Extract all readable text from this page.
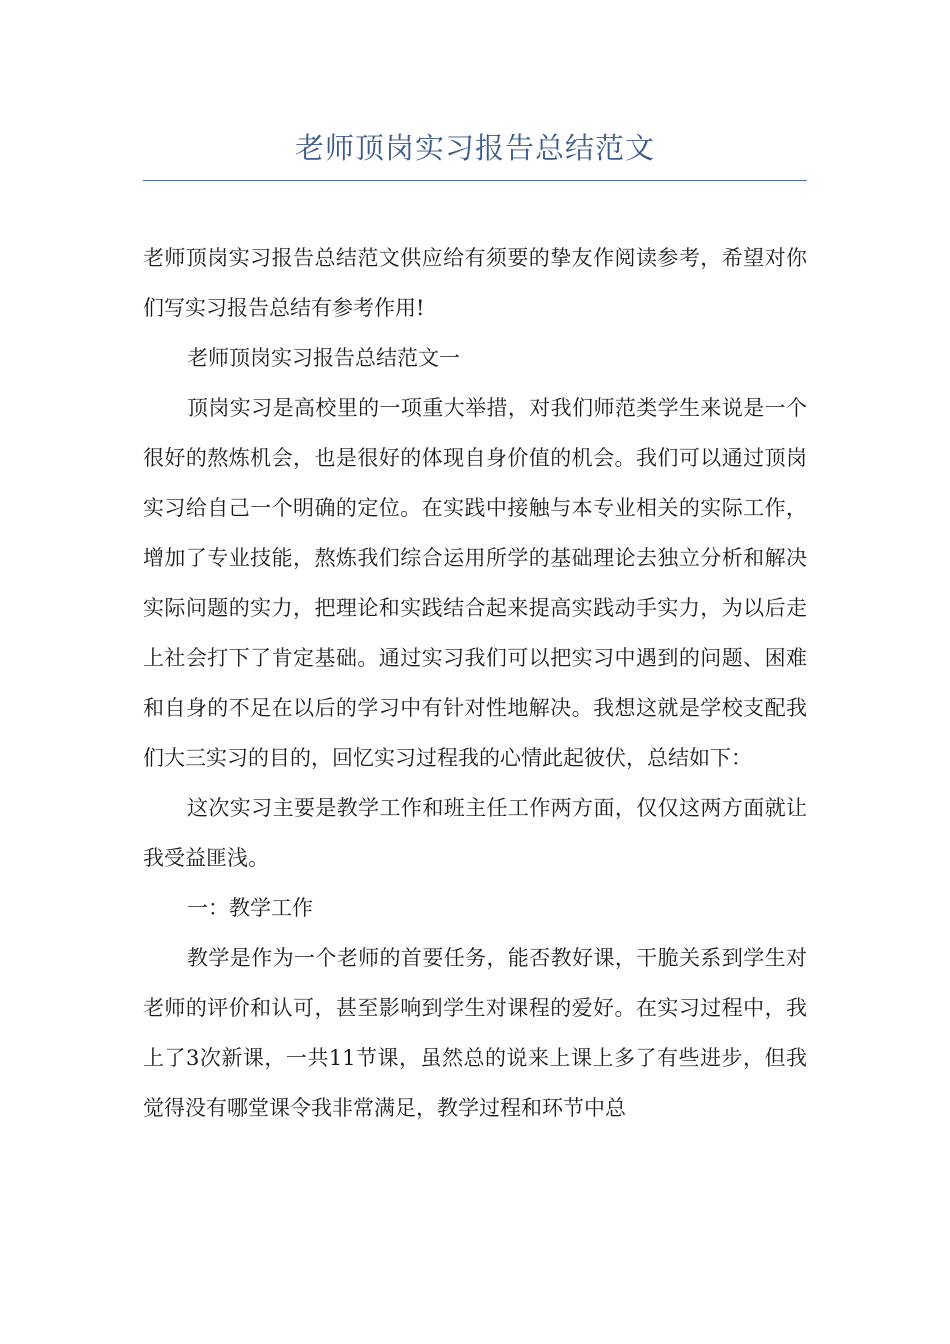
老师顶岗实习报告总结范文

老师顶岗实习报告总结范文供应给有须要的挚友作阅读参考，希望对你们写实习报告总结有参考作用!

老师顶岗实习报告总结范文一

顶岗实习是高校里的一项重大举措，对我们师范类学生来说是一个很好的熬炼机会，也是很好的体现自身价值的机会。我们可以通过顶岗实习给自己一个明确的定位。在实践中接触与本专业相关的实际工作，增加了专业技能，熬炼我们综合运用所学的基础理论去独立分析和解决实际问题的实力，把理论和实践结合起来提高实践动手实力，为以后走上社会打下了肯定基础。通过实习我们可以把实习中遇到的问题、困难和自身的不足在以后的学习中有针对性地解决。我想这就是学校支配我们大三实习的目的，回忆实习过程我的心情此起彼伏，总结如下：

这次实习主要是教学工作和班主任工作两方面，仅仅这两方面就让我受益匪浅。

一：教学工作

教学是作为一个老师的首要任务，能否教好课，干脆关系到学生对老师的评价和认可，甚至影响到学生对课程的爱好。在实习过程中，我上了3次新课，一共11节课，虽然总的说来上课上多了有些进步，但我觉得没有哪堂课令我非常满足，教学过程和环节中总
